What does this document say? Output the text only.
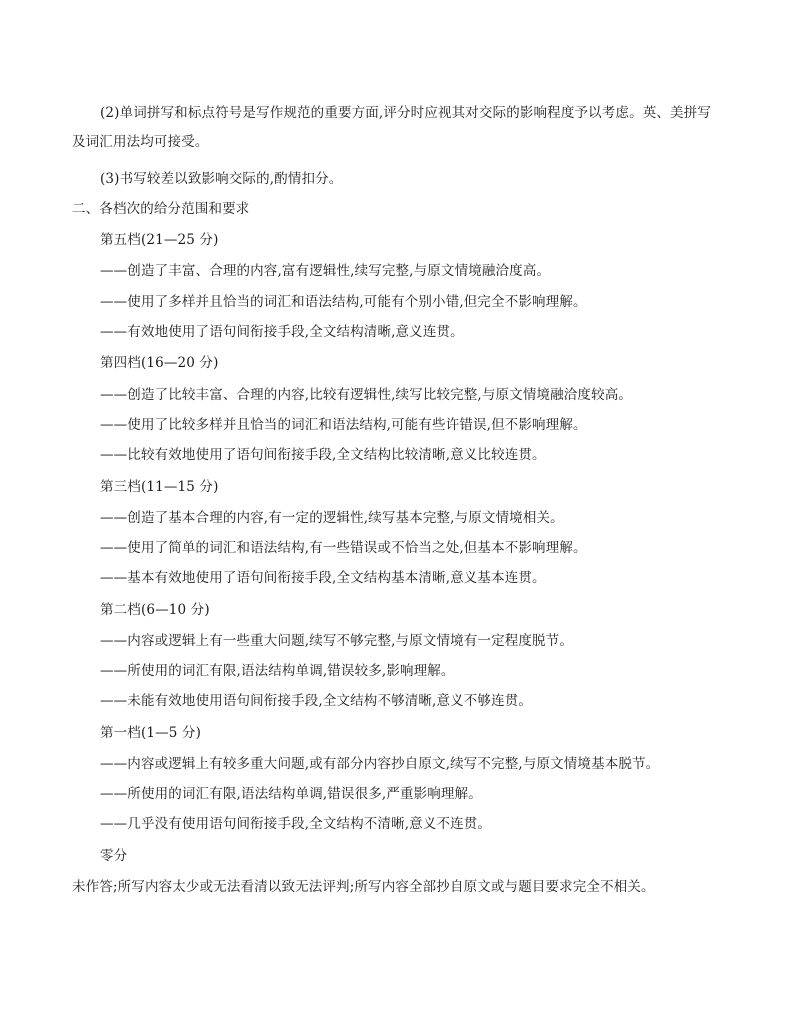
(2)单词拼写和标点符号是写作规范的重要方面,评分时应视其对交际的影响程度予以考虑。英、美拼写
及词汇用法均可接受。
(3)书写较差以致影响交际的,酌情扣分。
二、各档次的给分范围和要求
第五档(21—25 分)
——创造了丰富、合理的内容,富有逻辑性,续写完整,与原文情境融洽度高。
——使用了多样并且恰当的词汇和语法结构,可能有个别小错,但完全不影响理解。
——有效地使用了语句间衔接手段,全文结构清晰,意义连贯。
第四档(16—20 分)
——创造了比较丰富、合理的内容,比较有逻辑性,续写比较完整,与原文情境融洽度较高。
——使用了比较多样并且恰当的词汇和语法结构,可能有些许错误,但不影响理解。
——比较有效地使用了语句间衔接手段,全文结构比较清晰,意义比较连贯。
第三档(11—15 分)
——创造了基本合理的内容,有一定的逻辑性,续写基本完整,与原文情境相关。
——使用了简单的词汇和语法结构,有一些错误或不恰当之处,但基本不影响理解。
——基本有效地使用了语句间衔接手段,全文结构基本清晰,意义基本连贯。
第二档(6—10 分)
——内容或逻辑上有一些重大问题,续写不够完整,与原文情境有一定程度脱节。
——所使用的词汇有限,语法结构单调,错误较多,影响理解。
——未能有效地使用语句间衔接手段,全文结构不够清晰,意义不够连贯。
第一档(1—5 分)
——内容或逻辑上有较多重大问题,或有部分内容抄自原文,续写不完整,与原文情境基本脱节。
——所使用的词汇有限,语法结构单调,错误很多,严重影响理解。
——几乎没有使用语句间衔接手段,全文结构不清晰,意义不连贯。
零分
未作答;所写内容太少或无法看清以致无法评判;所写内容全部抄自原文或与题目要求完全不相关。
